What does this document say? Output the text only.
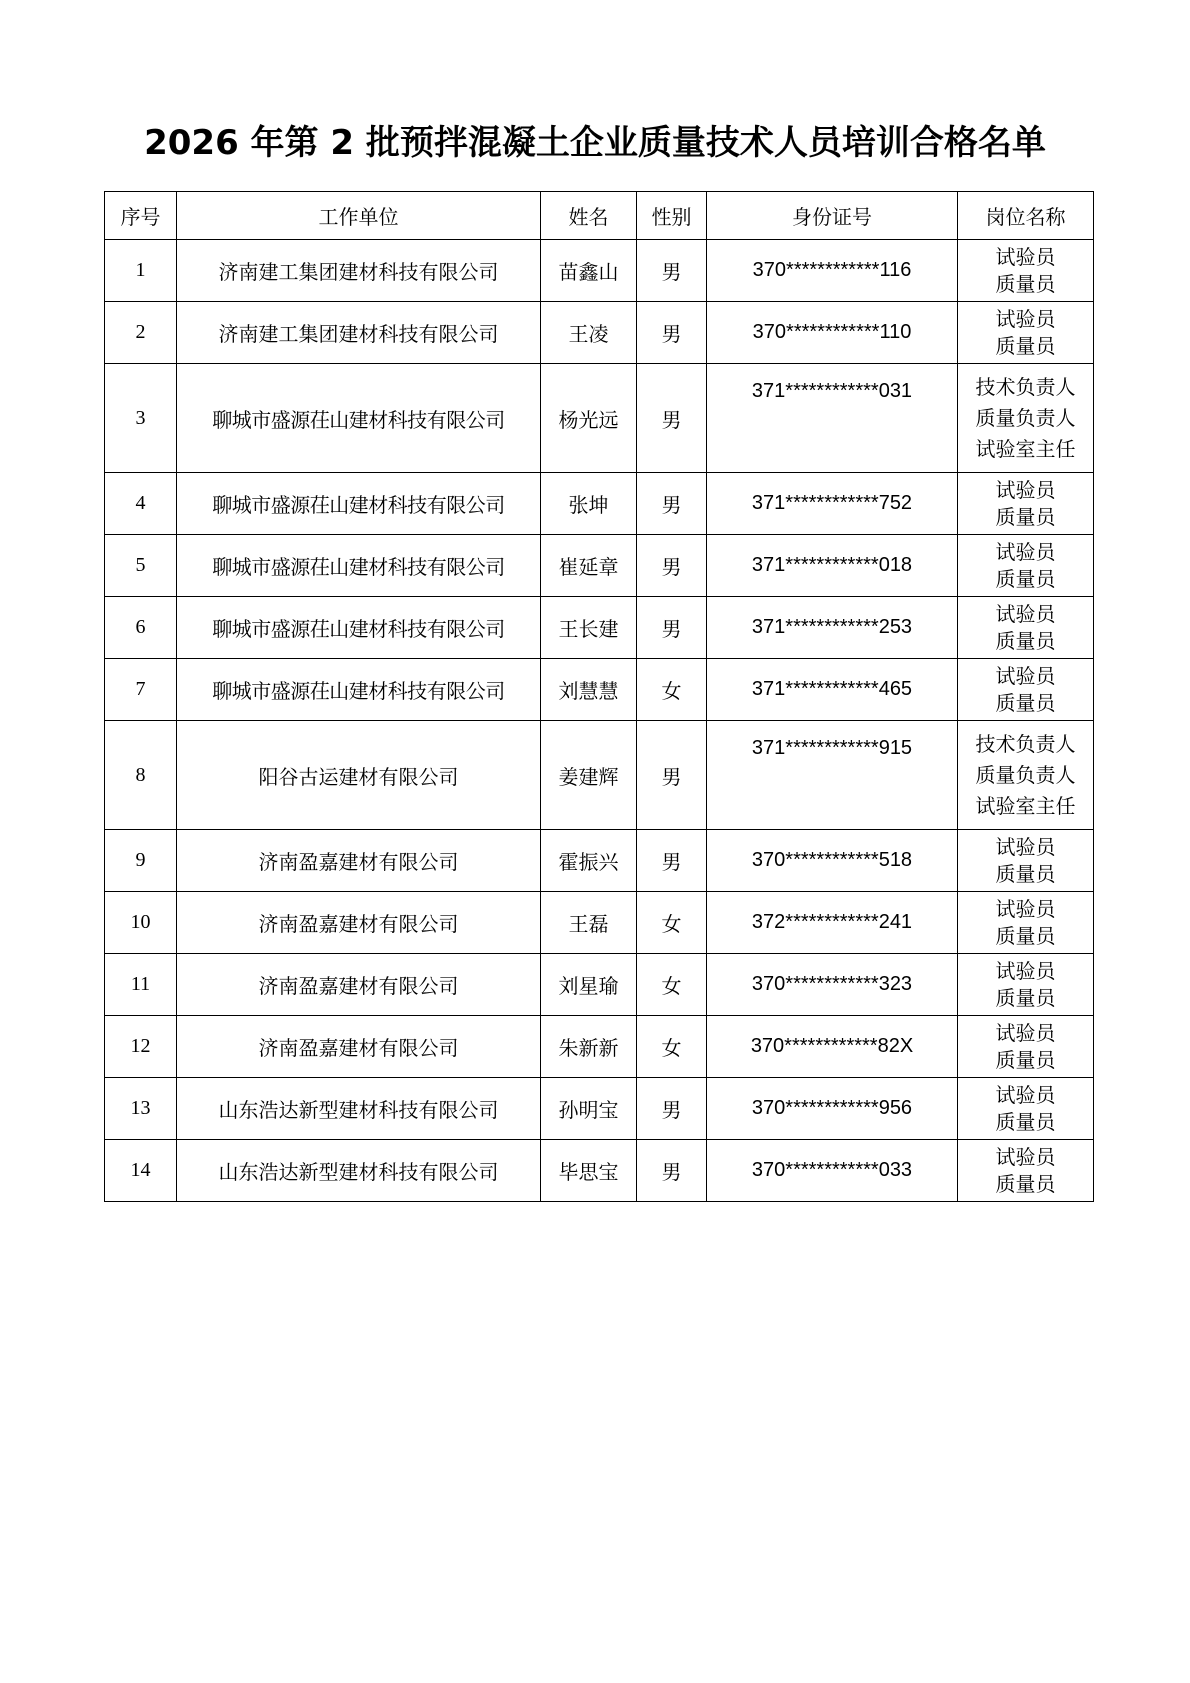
2026 年第 2 批预拌混凝土企业质量技术人员培训合格名单
序号	工作单位	姓名	性别	身份证号	岗位名称
1	济南建工集团建材科技有限公司	苗鑫山	男	370************116	试验员
质量员

2	济南建工集团建材科技有限公司	王凌	男	370************110	试验员
质量员

3	聊城市盛源茌山建材科技有限公司	杨光远	男	371************031	技术负责人
质量负责人
试验室主任

4	聊城市盛源茌山建材科技有限公司	张坤	男	371************752	试验员
质量员

5	聊城市盛源茌山建材科技有限公司	崔延章	男	371************018	试验员
质量员

6	聊城市盛源茌山建材科技有限公司	王长建	男	371************253	试验员
质量员

7	聊城市盛源茌山建材科技有限公司	刘慧慧	女	371************465	试验员
质量员

8	阳谷古运建材有限公司	姜建辉	男	371************915	技术负责人
质量负责人
试验室主任

9	济南盈嘉建材有限公司	霍振兴	男	370************518	试验员
质量员

10	济南盈嘉建材有限公司	王磊	女	372************241	试验员
质量员

11	济南盈嘉建材有限公司	刘星瑜	女	370************323	试验员
质量员

12	济南盈嘉建材有限公司	朱新新	女	370************82X	试验员
质量员

13	山东浩达新型建材科技有限公司	孙明宝	男	370************956	试验员
质量员

14	山东浩达新型建材科技有限公司	毕思宝	男	370************033	试验员
质量员
